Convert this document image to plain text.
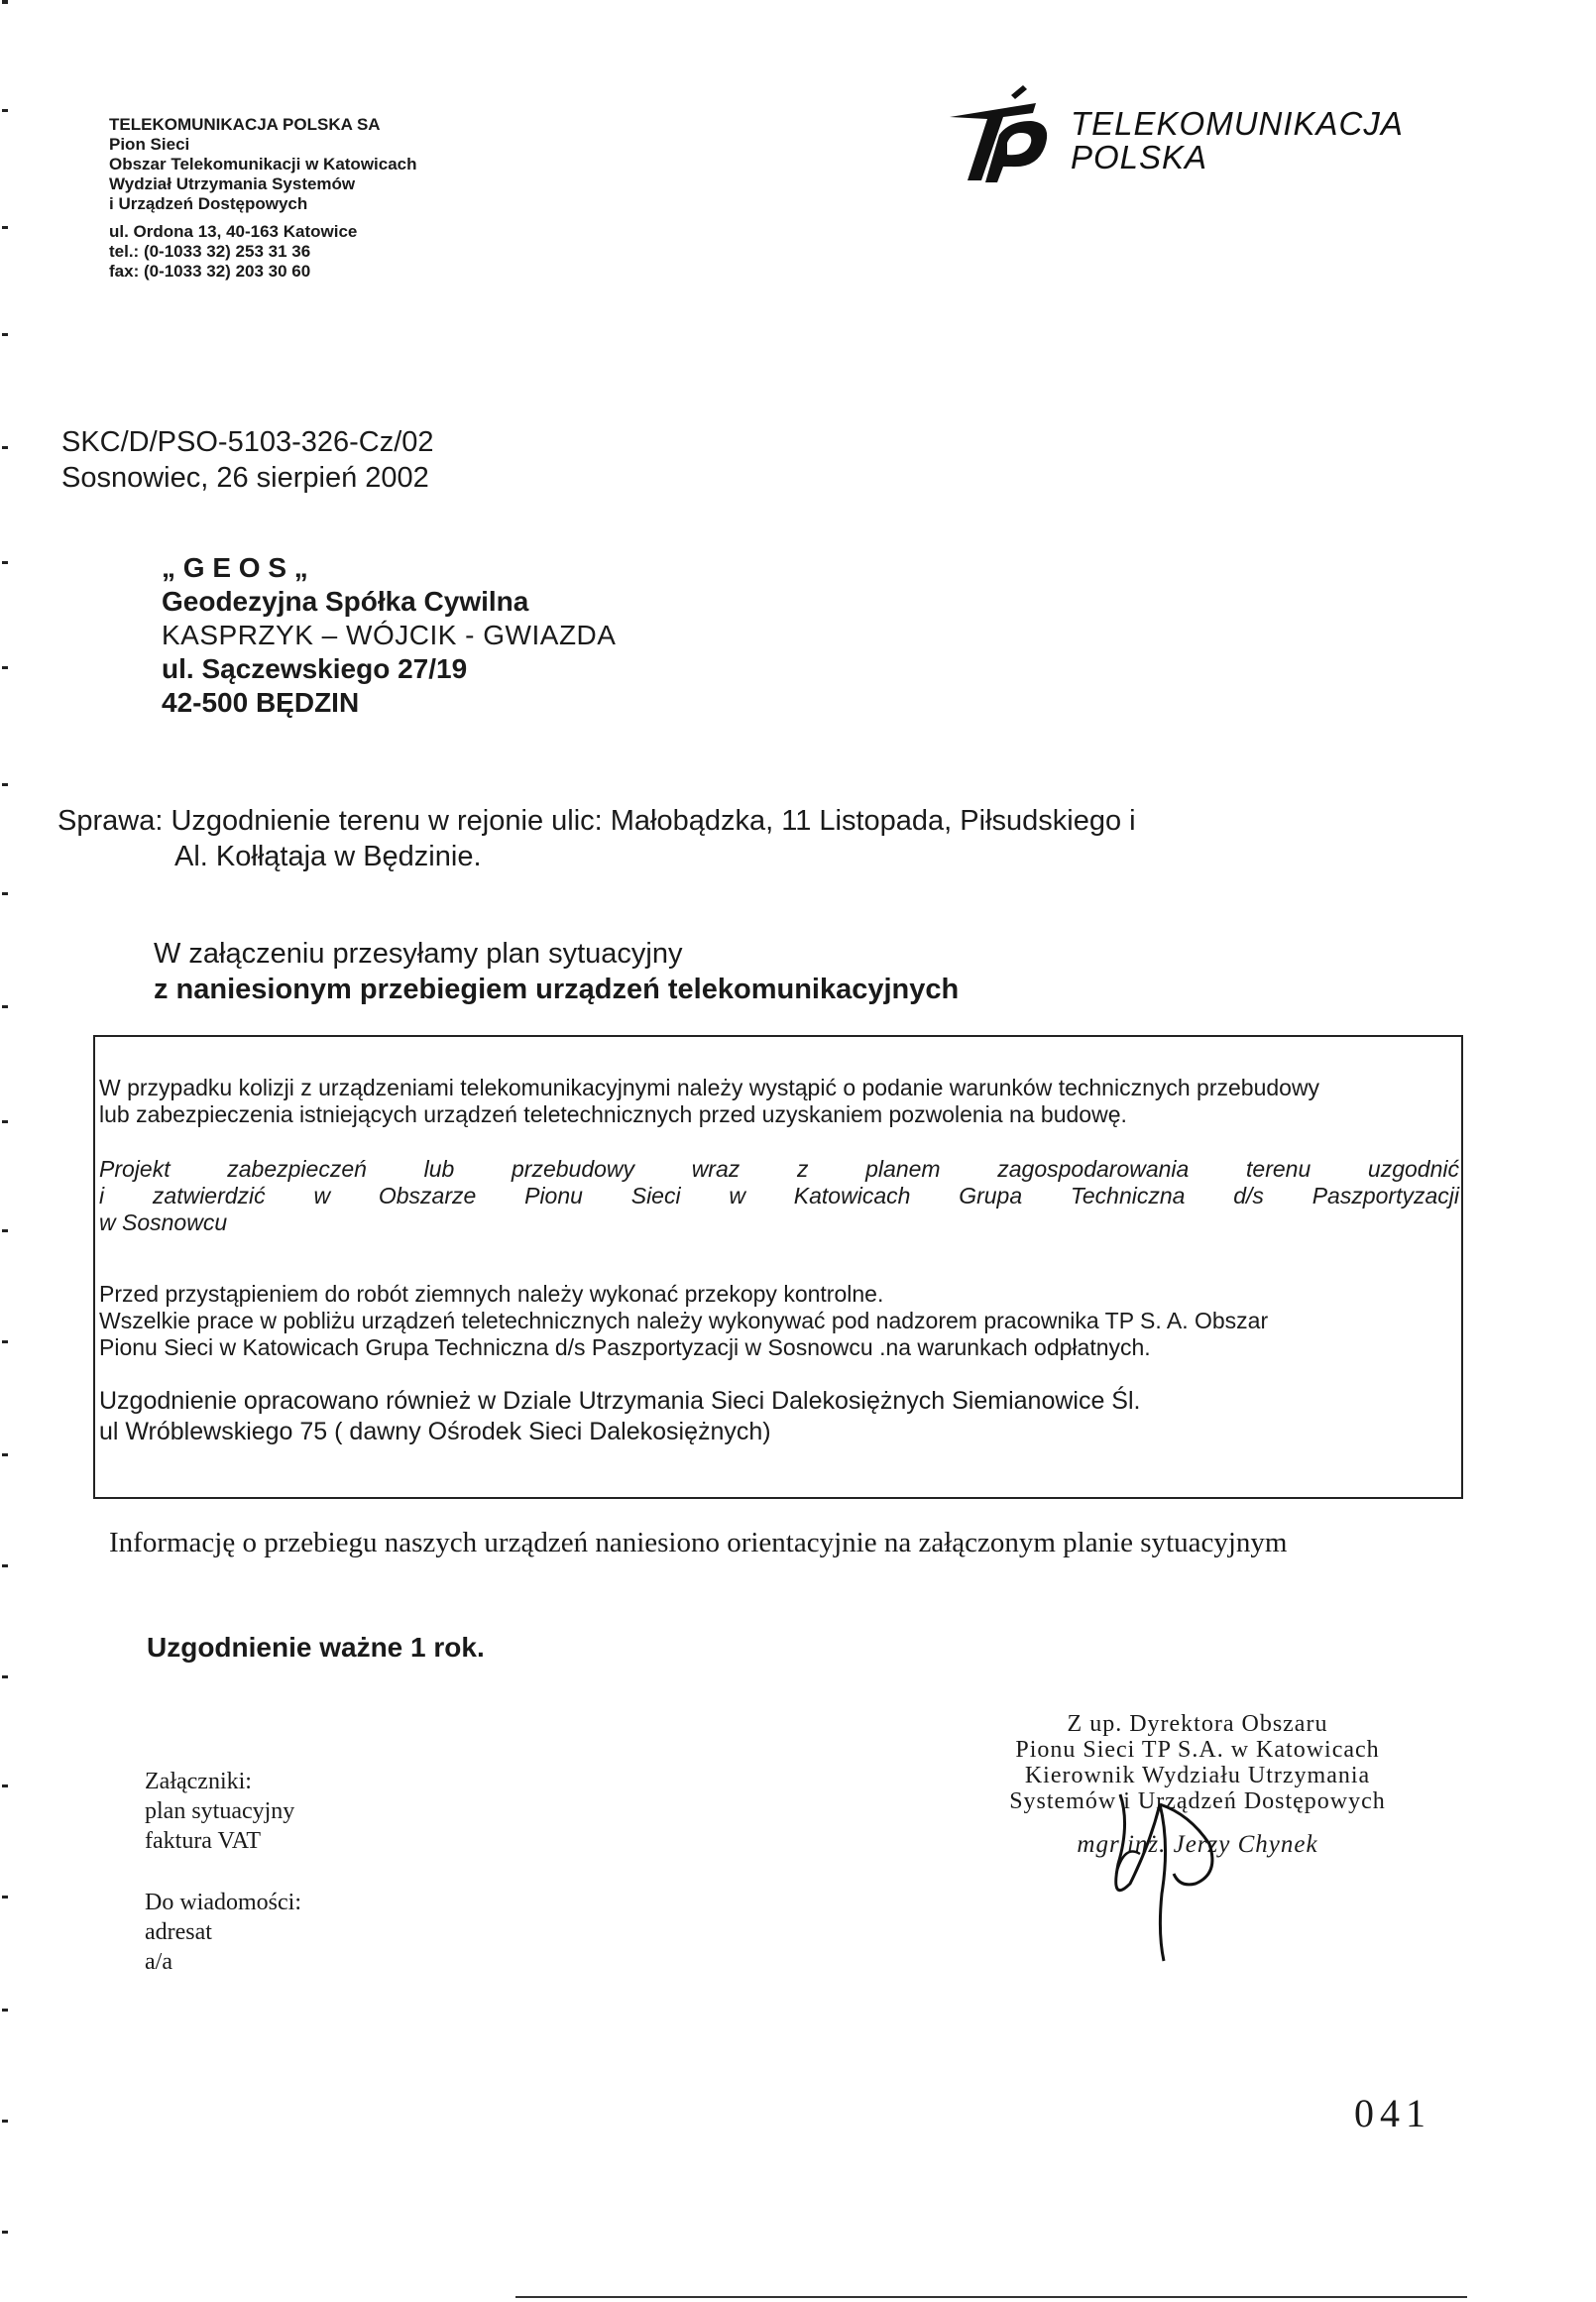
TELEKOMUNIKACJA POLSKA SA
Pion Sieci
Obszar Telekomunikacji w Katowicach
Wydział Utrzymania Systemów
i Urządzeń Dostępowych
ul. Ordona 13, 40-163 Katowice
tel.: (0-1033 32) 253 31 36
fax: (0-1033 32) 203 30 60
TELEKOMUNIKACJA
POLSKA
SKC/D/PSO-5103-326-Cz/02
Sosnowiec, 26 sierpień 2002
„ G E O S „
Geodezyjna Spółka Cywilna
KASPRZYK – WÓJCIK - GWIAZDA
ul. Sączewskiego 27/19
42-500 BĘDZIN
Sprawa: Uzgodnienie terenu w rejonie ulic: Małobądzka, 11 Listopada, Piłsudskiego i
Al. Kołłątaja w Będzinie.
W załączeniu przesyłamy plan sytuacyjny
z naniesionym przebiegiem urządzeń telekomunikacyjnych

W przypadku kolizji z urządzeniami telekomunikacyjnymi należy wystąpić o podanie warunków technicznych przebudowy
lub zabezpieczenia istniejących urządzeń teletechnicznych przed uzyskaniem pozwolenia na budowę.

Projekt zabezpieczeń lub przebudowy wraz z planem zagospodarowania terenu uzgodnić
i zatwierdzić w Obszarze Pionu Sieci w Katowicach Grupa Techniczna d/s Paszportyzacji
w Sosnowcu

Przed przystąpieniem do robót ziemnych należy wykonać przekopy kontrolne.
Wszelkie prace w pobliżu urządzeń teletechnicznych należy wykonywać pod nadzorem pracownika TP S. A. Obszar
Pionu Sieci w Katowicach Grupa Techniczna d/s Paszportyzacji w Sosnowcu .na warunkach odpłatnych.

Uzgodnienie opracowano również w Dziale Utrzymania Sieci Dalekosiężnych Siemianowice Śl.
ul Wróblewskiego 75 ( dawny Ośrodek Sieci Dalekosiężnych)

Informację o przebiegu naszych urządzeń naniesiono orientacyjnie na załączonym planie sytuacyjnym
Uzgodnienie ważne 1 rok.
Załączniki:
plan sytuacyjny
faktura VAT
Do wiadomości:
adresat
a/a
Z up. Dyrektora Obszaru
Pionu Sieci TP S.A. w Katowicach
Kierownik Wydziału Utrzymania
Systemów i Urządzeń Dostępowych
mgr inż. Jerzy Chynek
041
